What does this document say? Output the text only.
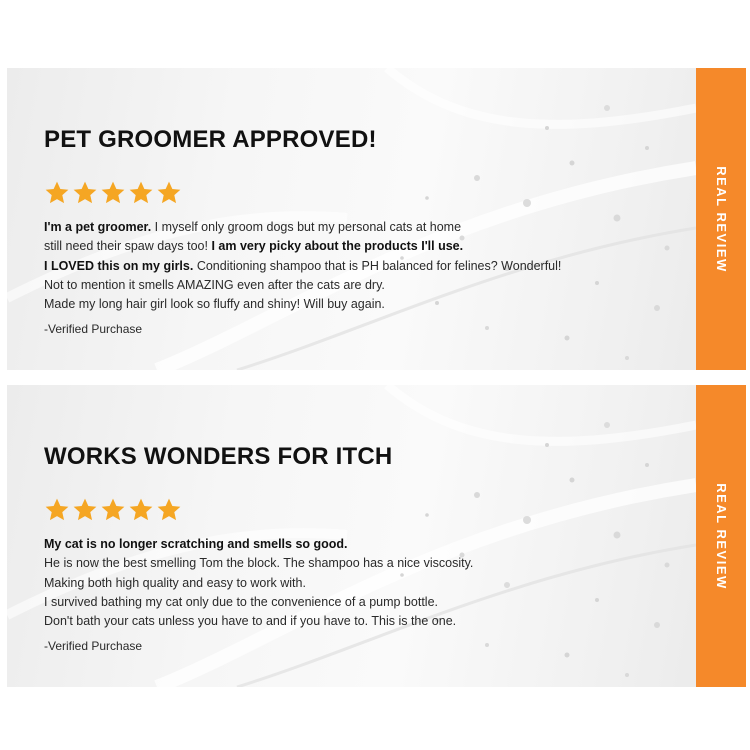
PET GROOMER APPROVED!
I'm a pet groomer. I myself only groom dogs but my personal cats at home
still need their spaw days too! I am very picky about the products I'll use.
I LOVED this on my girls. Conditioning shampoo that is PH balanced for felines? Wonderful!
Not to mention it smells AMAZING even after the cats are dry.
Made my long hair girl look so fluffy and shiny! Will buy again.
-Verified Purchase
REAL REVIEW
WORKS WONDERS FOR ITCH
My cat is no longer scratching and smells so good.
He is now the best smelling Tom the block. The shampoo has a nice viscosity.
Making both high quality and easy to work with.
I survived bathing my cat only due to the convenience of a pump bottle.
Don't bath your cats unless you have to and if you have to. This is the one.
-Verified Purchase
REAL REVIEW
